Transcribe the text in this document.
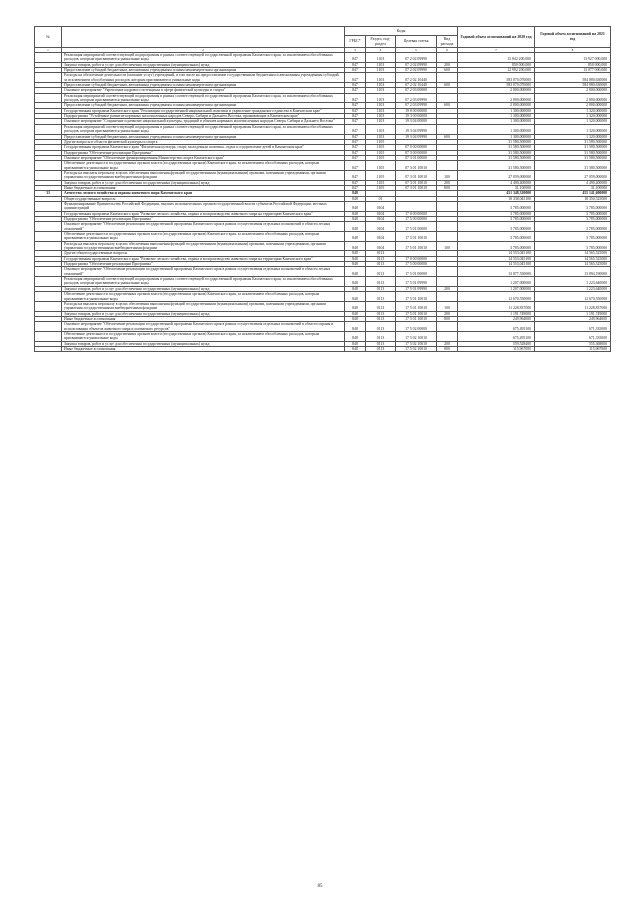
№		Коды				Годовой объем ассигнований на 2020 год	Годовой объем ассигнований на 2021 год
		ГРБС*	Раздел, под-раздел	Целевая статья	Вид расхода		
1	2	3	4	5	6	7	8
	Реализация мероприятий соответствующей подпрограммы в рамках соответствующей государственной программы Камчатского края, за исключением обособленных расходов, которым присваиваются уникальные коды	847	1103	07 2 02 09990		13 842 200,000	13 927 000,000
	Закупка товаров, работ и услуг для обеспечения государственных (муниципальных) нужд	847	1103	07 2 02 09990	200	850 000,000	850 000,000
	Предоставление субсидий бюджетным, автономным учреждениям и иным некоммерческим организациям	847	1103	07 2 02 09990	600	12 992 200,000	13 077 000,000
	Расходы на обеспечение деятельности (оказание услуг) учреждений, в том числе на предоставление государственным бюджетным и автономным учреждениям субсидий, за исключением обособленных расходов, которым присваиваются уникальные коды	847	1103	07 2 02 10440		583 070,070000	584 880,630000
	Предоставление субсидий бюджетным, автономным учреждениям и иным некоммерческим организациям	847	1103	07 2 02 10440	600	583 070,070000	584 880,630000
	Основное мероприятие "Укрепление кадрового потенциала в сфере физической культуры и спорта"	847	1103	07 2 03 00000		2 800,000000	2 800,000000
	Реализация мероприятий соответствующей подпрограммы в рамках соответствующей государственной программы Камчатского края, за исключением обособленных расходов, которым присваиваются уникальные коды	847	1103	07 2 03 09990		2 800,000000	2 800,000000
	Предоставление субсидий бюджетным, автономным учреждениям и иным некоммерческим организациям	847	1103	07 2 03 09990	600	2 800,000000	2 800,000000
	Государственная программа Камчатского края "Реализация государственной национальной политики и укрепление гражданского единства в Камчатском крае"	847	1103	19 0 00 00000		1 300,000000	1 320,000000
	Подпрограмма "Устойчивое развитие коренных малочисленных народов Севера, Сибири и Дальнего Востока, проживающих в Камчатском крае"	847	1103	19 3 00 00000		1 300,000000	1 320,000000
	Основное мероприятие "Сохранение и развитие национальной культуры, традиций и обычаев коренных малочисленных народов Севера, Сибири и Дальнего Востока"	847	1103	19 3 04 00000		1 300,000000	1 320,000000
	Реализация мероприятий соответствующей подпрограммы в рамках соответствующей государственной программы Камчатского края, за исключением обособленных расходов, которым присваиваются уникальные коды	847	1103	19 3 04 09990		1 300,000000	1 320,000000
	Предоставление субсидий бюджетным, автономным учреждениям и иным некоммерческим организациям	847	1103	19 3 04 09990	600	1 300,000000	1 320,000000
	Другие вопросы в области физической культуры и спорта	847	1105			31 580,500000	31 580,500000
	Государственная программа Камчатского края "Физическая культура, спорт, молодежная политика, отдых и оздоровление детей в Камчатском крае"	847	1105	07 0 00 00000		31 580,500000	31 580,500000
	Подпрограмма "Обеспечение реализации Программы"	847	1105	07 3 00 00000		31 580,500000	31 580,500000
	Основное мероприятие "Обеспечение функционирования Министерства спорта Камчатского края"	847	1105	07 3 01 00000		31 580,500000	31 580,500000
	Обеспечение деятельности государственных органов власти (государственных органов) Камчатского края, за исключением обособленных расходов, которым присваиваются уникальные коды	847	1105	07 3 01 10010		31 580,500000	31 580,500000
	Расходы на выплаты персоналу в целях обеспечения выполнения функций государственными (муниципальными) органами, казенными учреждениями, органами управления государственными внебюджетными фондами	847	1105	07 3 01 10010	100	27 059,000000	27 059,000000
	Закупка товаров, работ и услуг для обеспечения государственных (муниципальных) нужд	847	1105	07 3 01 10010	200	4 490,400000	4 490,400000
	Иные бюджетные ассигнования	847	1105	07 3 01 10010	800	31,100000	31,100000
33	Агентство лесного хозяйства и охраны животного мира Камчатского края	848				451 348,320000	455 141,600000
	Общегосударственные вопросы	848	01			18 338,045100	18 350,525000
	Функционирование Правительства Российской Федерации, высших исполнительных органов государственной власти субъектов Российской Федерации, местных администраций	848	0104			3 785,000000	3 785,000000
	Государственная программа Камчатского края "Развитие лесного хозяйства, охрана и воспроизводство животного мира на территории Камчатского края"	848	0104	17 0 00 00000		3 785,000000	3 785,000000
	Подпрограмма "Обеспечение реализации Программы"	848	0104	17 5 00 00000		3 785,000000	3 785,000000
	Основное мероприятие "Обеспечение реализации государственной программы Камчатского края в рамках осуществления отдельных полномочий в области лесных отношений"	848	0104	17 5 01 00000		3 785,000000	3 785,000000
	Обеспечение деятельности государственных органов власти (государственных органов) Камчатского края, за исключением обособленных расходов, которым присваиваются уникальные коды	848	0104	17 5 01 10010		3 785,000000	3 785,000000
	Расходы на выплаты персоналу в целях обеспечения выполнения функций государственными (муниципальными) органами, казенными учреждениями, органами управления государственными внебюджетными фондами	848	0104	17 5 01 10010	100	3 785,000000	3 785,000000
	Другие общегосударственные вопросы	848	0113			14 553,045100	14 565,525000
	Государственная программа Камчатского края "Развитие лесного хозяйства, охрана и воспроизводство животного мира на территории Камчатского края"	848	0113	17 0 00 00000		14 553,045100	14 565,525000
	Подпрограмма "Обеспечение реализации Программы"	848	0113	17 5 00 00000		14 553,045100	14 565,525000
	Основное мероприятие "Обеспечение реализации государственной программы Камчатского края в рамках осуществления отдельных полномочий в области лесных отношений"	848	0113	17 5 01 00000		13 877,550000	13 894,190000
	Реализация мероприятий соответствующей подпрограммы в рамках соответствующей государственной программы Камчатского края, за исключением обособленных расходов, которым присваиваются уникальные коды	848	0113	17 5 01 09990		1 207,000000	1 223,640000
	Закупка товаров, работ и услуг для обеспечения государственных (муниципальных) нужд	848	0113	17 5 01 09990	200	1 207,000000	1 223,640000
	Обеспечение деятельности государственных органов власти (государственных органов) Камчатского края, за исключением обособленных расходов, которым присваиваются уникальные коды	848	0113	17 5 01 10010		12 670,550000	12 670,550000
	Расходы на выплаты персоналу в целях обеспечения выполнения функций государственными (муниципальными) органами, казенными учреждениями, органами управления государственными внебюджетными фондами	848	0113	17 5 01 10010	100	11 228,837000	11 228,837000
	Закупка товаров, работ и услуг для обеспечения государственных (муниципальных) нужд	848	0113	17 5 01 10010	200	1 191,749000	1 191,749000
	Иные бюджетные ассигнования	848	0113	17 5 01 10010	800	249,964000	249,964000
	Основное мероприятие "Обеспечение реализации государственной программы Камчатского края в рамках осуществления отдельных полномочий в области охраны и использования объектов животного мира и охотничьих ресурсов"	848	0113	17 5 02 00000		675,495100	671,335000
	Обеспечение деятельности государственных органов власти (государственных органов) Камчатского края, за исключением обособленных расходов, которым присваиваются уникальные коды	848	0113	17 5 02 10010		675,495100	671,335000
	Закупка товаров, работ и услуг для обеспечения государственных (муниципальных) нужд	848	0113	17 5 02 10010	200	559,528400	555,368000
	Иные бюджетные ассигнования	848	0113	17 5 02 10010	800	115,967000	115,967000
85
